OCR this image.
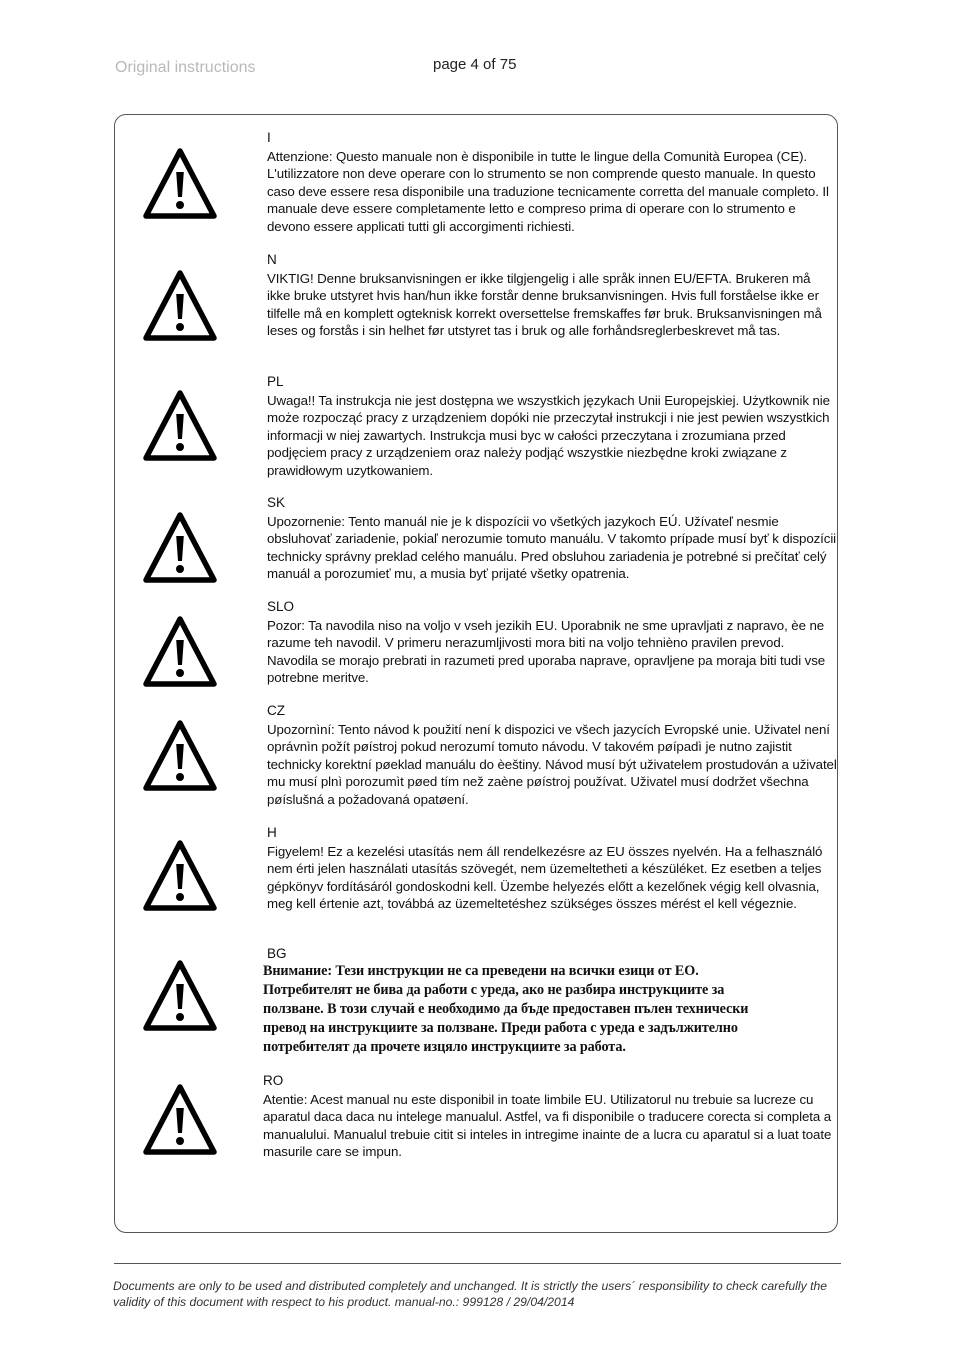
Original instructions	page 4 of 75
I
Attenzione: Questo manuale non è disponibile in tutte le lingue della Comunità Europea (CE). L'utilizzatore non deve operare con lo strumento se non comprende questo manuale. In questo caso deve essere resa disponibile una traduzione tecnicamente corretta del manuale completo. Il manuale deve essere completamente letto e compreso prima di operare con lo strumento e devono essere applicati tutti gli accorgimenti richiesti.
N
VIKTIG! Denne bruksanvisningen er ikke tilgjengelig i alle språk innen EU/EFTA. Brukeren må ikke bruke utstyret hvis han/hun ikke forstår denne bruksanvisningen. Hvis full forståelse ikke er tilfelle må en komplett ogteknisk korrekt oversettelse fremskaffes før bruk. Bruksanvisningen må leses og forstås i sin helhet før utstyret tas i bruk og alle forhåndsreglerbeskrevet må tas.
PL
Uwaga!! Ta instrukcja nie jest dostępna we wszystkich językach Unii Europejskiej. Użytkownik nie może rozpocząć pracy z urządzeniem dopóki nie przeczytał instrukcji i nie jest pewien wszystkich informacji w niej zawartych. Instrukcja musi byc w całości przeczytana i zrozumiana przed podjęciem pracy z urządzeniem oraz należy podjąć wszystkie niezbędne kroki związane z prawidłowym uzytkowaniem.
SK
Upozornenie: Tento manuál nie je k dispozícii vo všetkých jazykoch EÚ. Užívateľ nesmie obsluhovať zariadenie, pokiaľ nerozumie tomuto manuálu. V takomto prípade musí byť k dispozícii technicky správny preklad celého manuálu. Pred obsluhou zariadenia je potrebné si prečítať celý manuál a porozumieť mu, a musia byť prijaté všetky opatrenia.
SLO
Pozor: Ta navodila niso na voljo v vseh jezikih EU. Uporabnik ne sme upravljati z napravo, èe ne razume teh navodil. V primeru nerazumljivosti mora biti na voljo tehnièno pravilen prevod. Navodila se morajo prebrati in razumeti pred uporaba naprave, opravljene pa moraja biti tudi vse potrebne meritve.
CZ
Upozornìní: Tento návod k použití není k dispozici ve všech jazycích Evropské unie. Uživatel není oprávnìn požít pøístroj pokud nerozumí tomuto návodu. V takovém pøípadì je nutno zajistit technicky korektní pøeklad manuálu do èeštiny. Návod musí být uživatelem prostudován a uživatel mu musí plnì porozumìt pøed tím než zaène pøístroj používat. Uživatel musí dodržet všechna pøíslušná a požadovaná opatøení.
H
Figyelem! Ez a kezelési utasítás nem áll rendelkezésre az EU összes nyelvén. Ha a felhasználó nem érti jelen használati utasítás szövegét, nem üzemeltetheti a készüléket. Ez esetben a teljes gépkönyv fordításáról gondoskodni kell. Üzembe helyezés előtt a kezelőnek végig kell olvasnia, meg kell értenie azt, továbbá az üzemeltetéshez szükséges összes mérést el kell végeznie.
BG
Внимание: Тези инструкции не са преведени на всички езици от ЕО. Потребителят не бива да работи с уреда, ако не разбира инструкциите за ползване. В този случай е необходимо да бъде предоставен пълен технически превод на инструкциите за ползване. Преди работа с уреда е задължително потребителят да прочете изцяло инструкциите за работа.
RO
Atentie: Acest manual nu este disponibil in toate limbile EU. Utilizatorul nu trebuie sa lucreze cu aparatul daca daca nu intelege manualul. Astfel, va fi disponibile o traducere corecta si completa a manualului. Manualul trebuie citit si inteles in intregime inainte de a lucra cu aparatul si a luat toate masurile care se impun.
Documents are only to be used and distributed completely and unchanged. It is strictly the users´ responsibility to check carefully the validity of this document with respect to his product. manual-no.: 999128 / 29/04/2014
